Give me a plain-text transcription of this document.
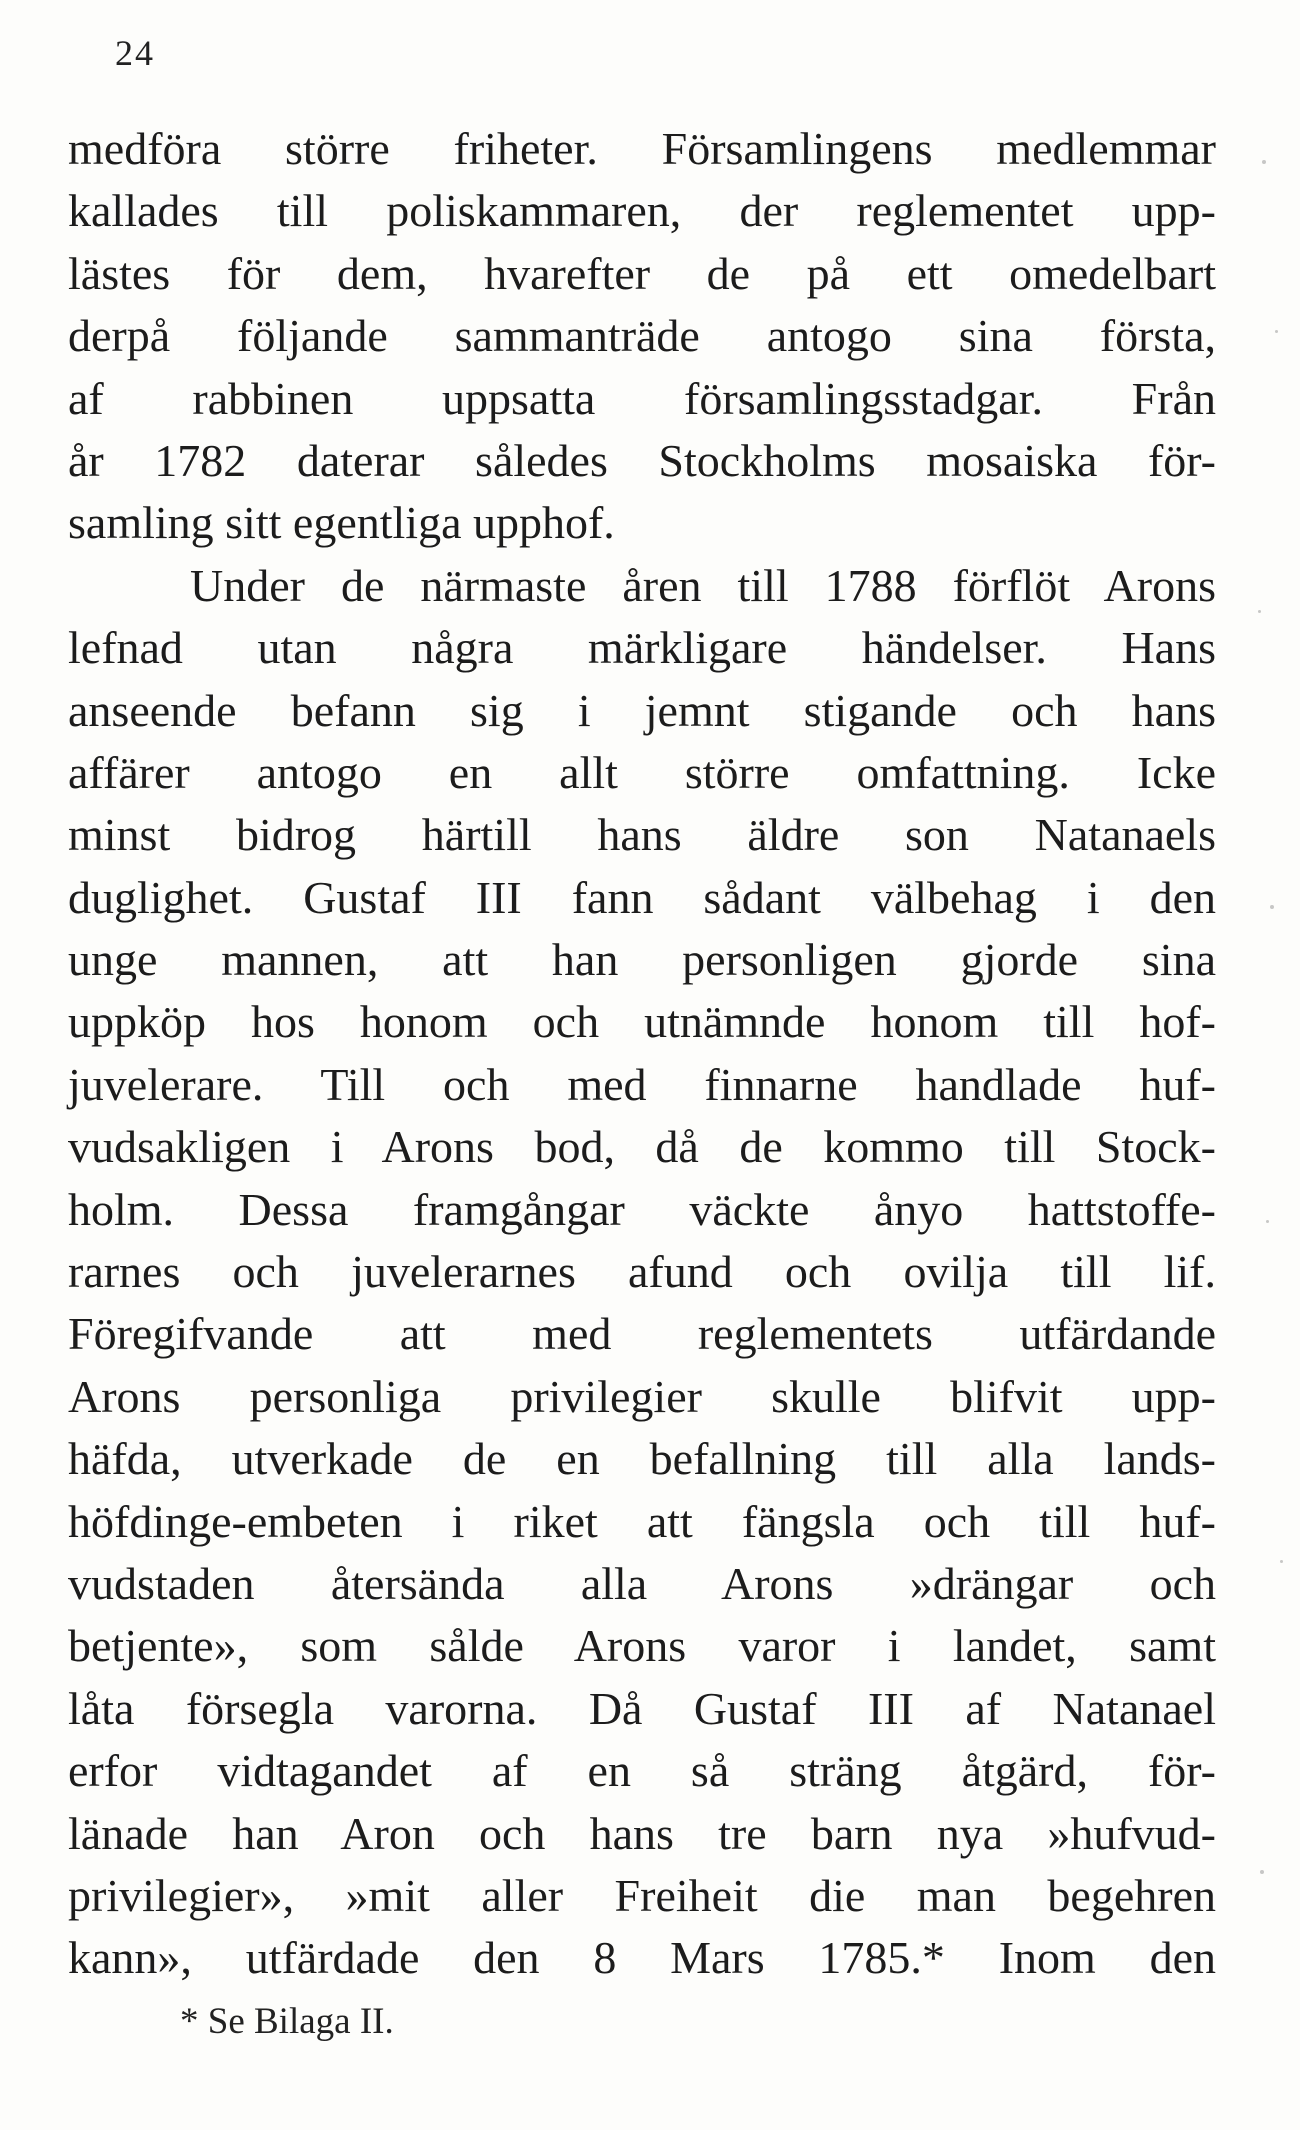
24
medföra större friheter. Församlingens medlemmar
kallades till poliskammaren, der reglementet upp-
lästes för dem, hvarefter de på ett omedelbart
derpå följande sammanträde antogo sina första,
af rabbinen uppsatta församlingsstadgar. Från
år 1782 daterar således Stockholms mosaiska för-
samling sitt egentliga upphof.
Under de närmaste åren till 1788 förflöt Arons
lefnad utan några märkligare händelser. Hans
anseende befann sig i jemnt stigande och hans
affärer antogo en allt större omfattning. Icke
minst bidrog härtill hans äldre son Natanaels
duglighet. Gustaf III fann sådant välbehag i den
unge mannen, att han personligen gjorde sina
uppköp hos honom och utnämnde honom till hof-
juvelerare. Till och med finnarne handlade huf-
vudsakligen i Arons bod, då de kommo till Stock-
holm. Dessa framgångar väckte ånyo hattstoffe-
rarnes och juvelerarnes afund och ovilja till lif.
Föregifvande att med reglementets utfärdande
Arons personliga privilegier skulle blifvit upp-
häfda, utverkade de en befallning till alla lands-
höfdinge-embeten i riket att fängsla och till huf-
vudstaden återsända alla Arons »drängar och
betjente», som sålde Arons varor i landet, samt
låta försegla varorna. Då Gustaf III af Natanael
erfor vidtagandet af en så sträng åtgärd, för-
länade han Aron och hans tre barn nya »hufvud-
privilegier», »mit aller Freiheit die man begehren
kann», utfärdade den 8 Mars 1785.* Inom den
* Se Bilaga II.
